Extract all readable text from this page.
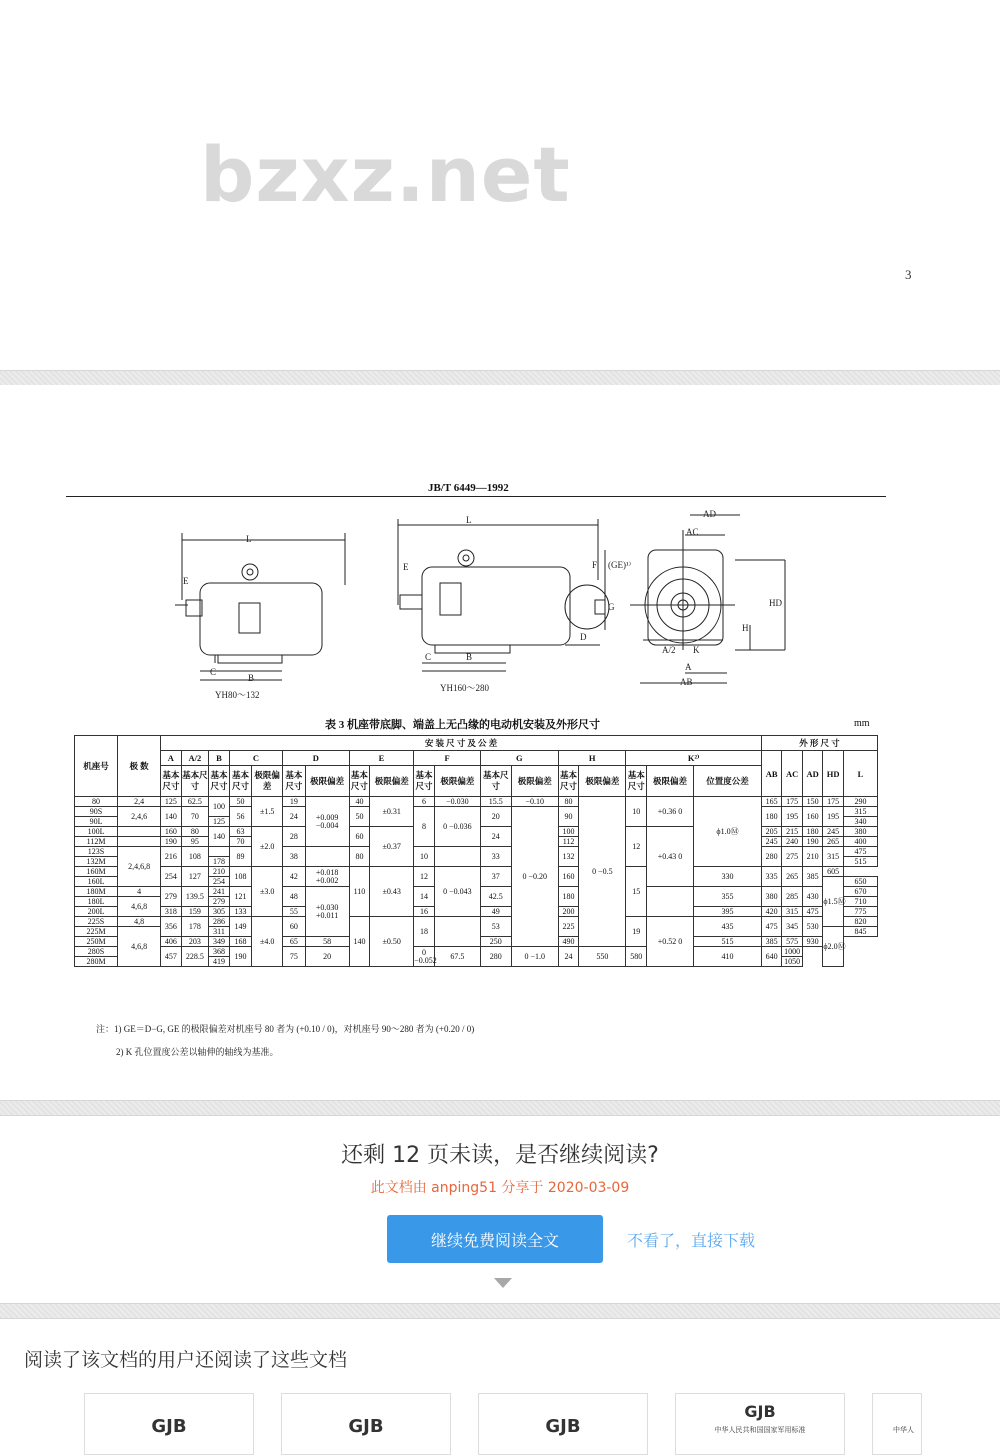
bzxz.net
3
JB/T 6449—1992
L
E
C
B
L
E
C	B
F (GE)¹⁾
G
D
AD
AC
HD
H
A/2 K
A
AB
YH80～132
YH160～280
表 3 机座带底脚、端盖上无凸缘的电动机安装及外形尺寸	mm
机座号	极 数	安 装 尺 寸 及 公 差																		外 形 尺 寸				
		A	A/2	B	C		D		E		F		G		H		K²⁾			AB	AC	AD	HD	L
		基本尺寸	基本尺寸	基本尺寸	基本尺寸	极限偏差	基本尺寸	极限偏差	基本尺寸	极限偏差	基本尺寸	极限偏差	基本尺寸	极限偏差	基本尺寸	极限偏差	基本尺寸	极限偏差	位置度公差					
80	2,4	125	62.5	100	50	±1.5	19	+0.009 −0.004	40	±0.31	6	−0.030	15.5	−0.10	80	0 −0.5	10	+0.36 0	ϕ1.0Ⓜ	165	175	150	175	290
90S	2,4,6	140	70		56		24		50		8	0 −0.036	20	0 −0.20	90					180	195	160	195	315
90L				125																				340
100L		160	80	140	63	±2.0	28		60	±0.37			24		100		12	+0.43 0		205	215	180	245	380
112M		190	95		70										112					245	240	190	265	400
123S	2,4,6,8	216	108		89		38		80		10		33		132					280	275	210	315	475
132M				178																				515
160M		254	127	210	108	±3.0	42	+0.018 +0.002	110	±0.43	12	0 −0.043	37		160		15		330	335	265	385	605	
160L				254																			ϕ1.5Ⓜ	650
180M	4	279	139.5	241	121		48	+0.030 +0.011			14		42.5		180				355	380	285	430		670
180L	4,6,8			279																				710
200L		318	159	305	133		55				16		49		200				395	420	315	475		775
225S	4,8	356	178	286	149	±4.0	60		140	±0.50	18		53		225		19	+0.52 0	435	475	345	530		820
225M	4,6,8			311																			ϕ2.0Ⓜ	845
250M		406	203	349	168		65	58					250		490				515	385	575	930		
280S		457	228.5	368	190		75	20			0 −0.052	67.5	280	0 −1.0	24	550	580		410	640	1000			
280M				419																	1050			
注：1) GE＝D−G, GE 的极限偏差对机座号 80 者为 (+0.10 / 0)，对机座号 90～280 者为 (+0.20 / 0)
2) K 孔位置度公差以轴伸的轴线为基准。
还剩 12 页未读，是否继续阅读?
此文档由 anping51 分享于 2020-03-09
继续免费阅读全文	不看了，直接下载
阅读了该文档的用户还阅读了这些文档
GJB	GJB	GJB
GJB
中华人民共和国国家军用标准	中华人
